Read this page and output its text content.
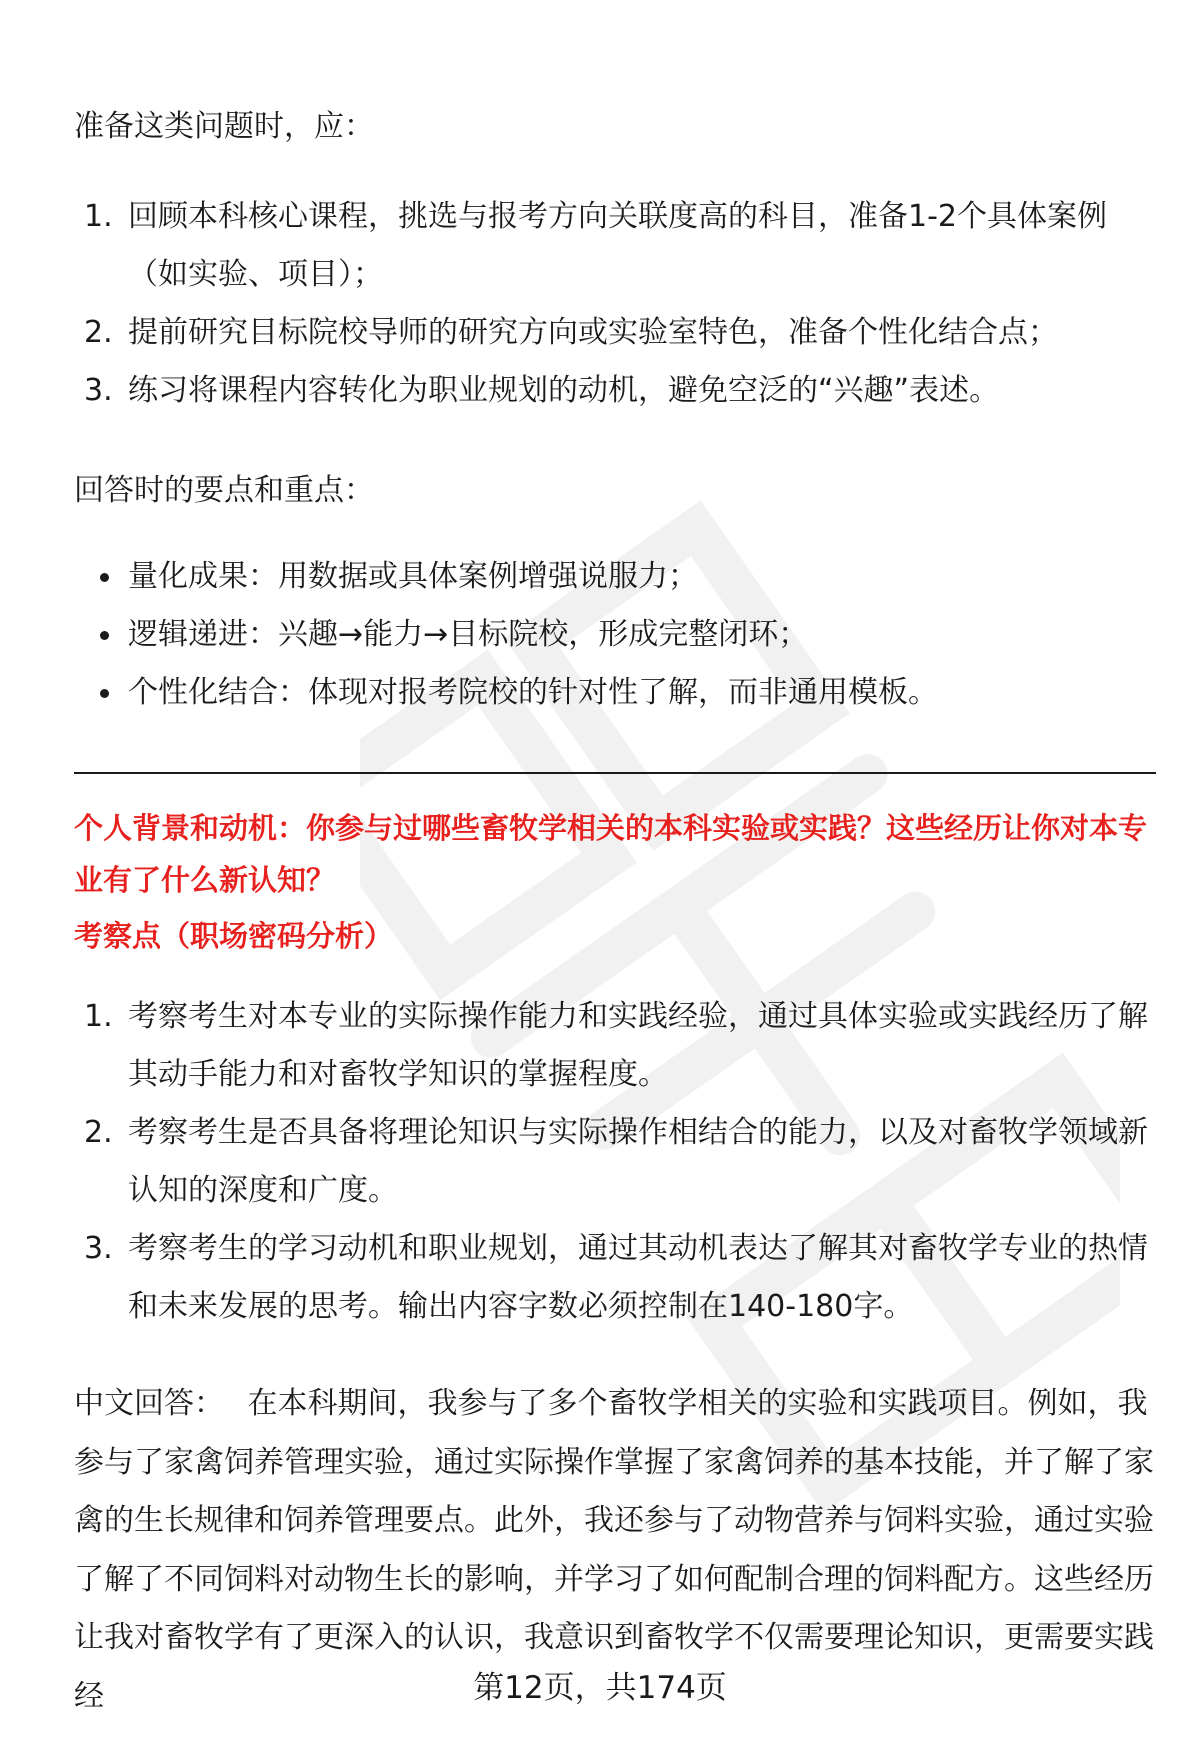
准备这类问题时，应：
1. 回顾本科核心课程，挑选与报考方向关联度高的科目，准备1-2个具体案例（如实验、项目）；
2. 提前研究目标院校导师的研究方向或实验室特色，准备个性化结合点；
3. 练习将课程内容转化为职业规划的动机，避免空泛的“兴趣”表述。
回答时的要点和重点：
量化成果：用数据或具体案例增强说服力；
逻辑递进：兴趣→能力→目标院校，形成完整闭环；
个性化结合：体现对报考院校的针对性了解，而非通用模板。
个人背景和动机：你参与过哪些畜牧学相关的本科实验或实践？这些经历让你对本专业有了什么新认知？
考察点（职场密码分析）
1. 考察考生对本专业的实际操作能力和实践经验，通过具体实验或实践经历了解其动手能力和对畜牧学知识的掌握程度。
2. 考察考生是否具备将理论知识与实际操作相结合的能力，以及对畜牧学领域新认知的深度和广度。
3. 考察考生的学习动机和职业规划，通过其动机表达了解其对畜牧学专业的热情和未来发展的思考。输出内容字数必须控制在140-180字。
中文回答： 在本科期间，我参与了多个畜牧学相关的实验和实践项目。例如，我参与了家禽饲养管理实验，通过实际操作掌握了家禽饲养的基本技能，并了解了家禽的生长规律和饲养管理要点。此外，我还参与了动物营养与饲料实验，通过实验了解了不同饲料对动物生长的影响，并学习了如何配制合理的饲料配方。这些经历让我对畜牧学有了更深入的认识，我意识到畜牧学不仅需要理论知识，更需要实践经	第12页，共174页
